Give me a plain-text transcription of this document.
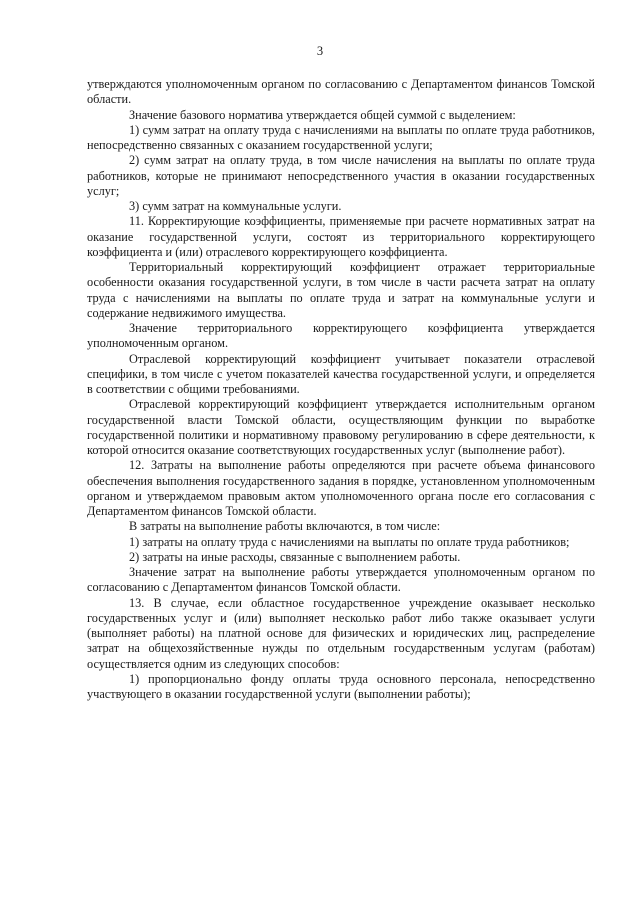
3

утверждаются уполномоченным органом по согласованию с Департаментом финансов Томской области.

Значение базового норматива утверждается общей суммой с выделением:

1) сумм затрат на оплату труда с начислениями на выплаты по оплате труда работников, непосредственно связанных с оказанием государственной услуги;

2) сумм затрат на оплату труда, в том числе начисления на выплаты по оплате труда работников, которые не принимают непосредственного участия в оказании государственных услуг;

3) сумм затрат на коммунальные услуги.

11. Корректирующие коэффициенты, применяемые при расчете нормативных затрат на оказание государственной услуги, состоят из территориального корректирующего коэффициента и (или) отраслевого корректирующего коэффициента.

Территориальный корректирующий коэффициент отражает территориальные особенности оказания государственной услуги, в том числе в части расчета затрат на оплату труда с начислениями на выплаты по оплате труда и затрат на коммунальные услуги и содержание недвижимого имущества.

Значение территориального корректирующего коэффициента утверждается уполномоченным органом.

Отраслевой корректирующий коэффициент учитывает показатели отраслевой специфики, в том числе с учетом показателей качества государственной услуги, и определяется в соответствии с общими требованиями.

Отраслевой корректирующий коэффициент утверждается исполнительным органом государственной власти Томской области, осуществляющим функции по выработке государственной политики и нормативному правовому регулированию в сфере деятельности, к которой относится оказание соответствующих государственных услуг (выполнение работ).

12. Затраты на выполнение работы определяются при расчете объема финансового обеспечения выполнения государственного задания в порядке, установленном уполномоченным органом и утверждаемом правовым актом уполномоченного органа после его согласования с Департаментом финансов Томской области.

В затраты на выполнение работы включаются, в том числе:

1) затраты на оплату труда с начислениями на выплаты по оплате труда работников;

2) затраты на иные расходы, связанные с выполнением работы.

Значение затрат на выполнение работы утверждается уполномоченным органом по согласованию с Департаментом финансов Томской области.

13. В случае, если областное государственное учреждение оказывает несколько государственных услуг и (или) выполняет несколько работ либо также оказывает услуги (выполняет работы) на платной основе для физических и юридических лиц, распределение затрат на общехозяйственные нужды по отдельным государственным услугам (работам) осуществляется одним из следующих способов:

1) пропорционально фонду оплаты труда основного персонала, непосредственно участвующего в оказании государственной услуги (выполнении работы);
